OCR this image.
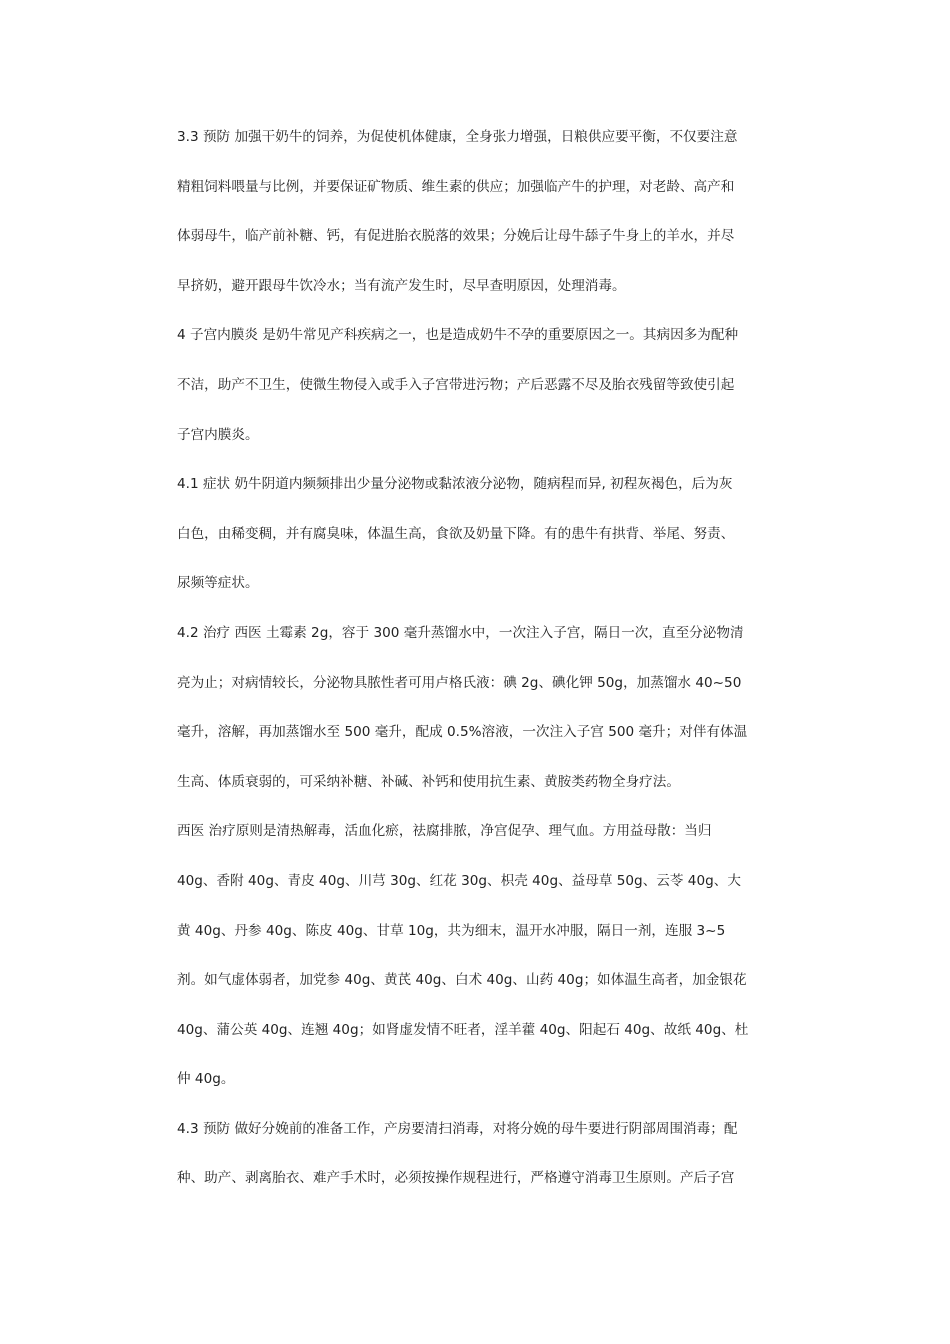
3.3 预防 加强干奶牛的饲养，为促使机体健康，全身张力增强，日粮供应要平衡，不仅要注意
精粗饲料喂量与比例，并要保证矿物质、维生素的供应；加强临产牛的护理，对老龄、高产和
体弱母牛，临产前补糖、钙，有促进胎衣脱落的效果；分娩后让母牛舔子牛身上的羊水，并尽
早挤奶，避开跟母牛饮冷水；当有流产发生时，尽早查明原因，处理消毒。
4 子宫内膜炎 是奶牛常见产科疾病之一，也是造成奶牛不孕的重要原因之一。其病因多为配种
不洁，助产不卫生，使微生物侵入或手入子宫带进污物；产后恶露不尽及胎衣残留等致使引起
子宫内膜炎。
4.1 症状 奶牛阴道内频频排出少量分泌物或黏浓液分泌物，随病程而异, 初程灰褐色，后为灰
白色，由稀变稠，并有腐臭味，体温生高，食欲及奶量下降。有的患牛有拱背、举尾、努责、
尿频等症状。
4.2 治疗 西医 土霉素 2g，容于 300 毫升蒸馏水中，一次注入子宫，隔日一次，直至分泌物清
亮为止；对病情较长，分泌物具脓性者可用卢格氏液：碘 2g、碘化钾 50g，加蒸馏水 40~50
毫升，溶解，再加蒸馏水至 500 毫升，配成 0.5%溶液，一次注入子宫 500 毫升；对伴有体温
生高、体质衰弱的，可采纳补糖、补碱、补钙和使用抗生素、黄胺类药物全身疗法。
西医 治疗原则是清热解毒，活血化瘀，祛腐排脓，净宫促孕、理气血。方用益母散：当归
40g、香附 40g、青皮 40g、川芎 30g、红花 30g、枳壳 40g、益母草 50g、云苓 40g、大
黄 40g、丹参 40g、陈皮 40g、甘草 10g，共为细末，温开水冲服，隔日一剂，连服 3~5
剂。如气虚体弱者，加党参 40g、黄芪 40g、白术 40g、山药 40g；如体温生高者，加金银花
40g、蒲公英 40g、连翘 40g；如肾虚发情不旺者，淫羊藿 40g、阳起石 40g、故纸 40g、杜
仲 40g。
4.3 预防 做好分娩前的准备工作，产房要清扫消毒，对将分娩的母牛要进行阴部周围消毒；配
种、助产、剥离胎衣、难产手术时，必须按操作规程进行，严格遵守消毒卫生原则。产后子宫
